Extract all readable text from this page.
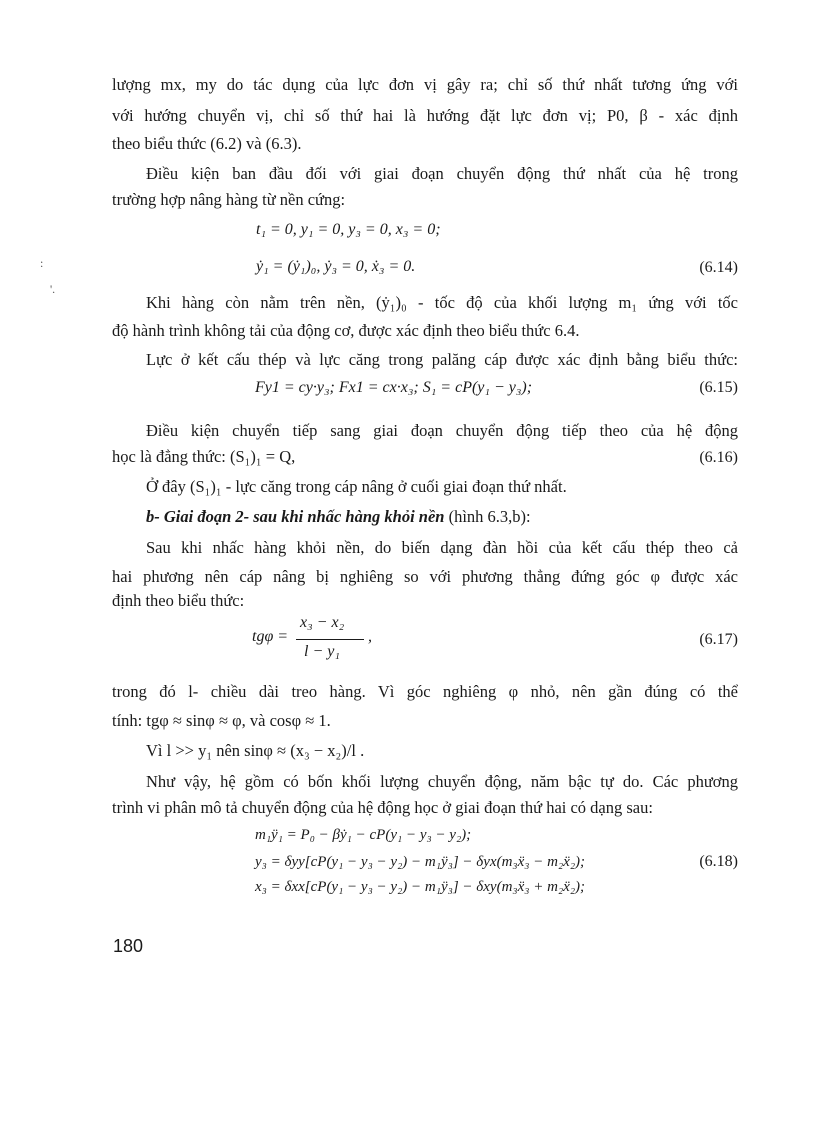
lượng mx, my do tác dụng của lực đơn vị gây ra; chỉ số thứ nhất tương ứng với
với hướng chuyển vị, chỉ số thứ hai là hướng đặt lực đơn vị; P0, β - xác định
theo biểu thức (6.2) và (6.3).
Điều kiện ban đầu đối với giai đoạn chuyển động thứ nhất của hệ trong
trường hợp nâng hàng từ nền cứng:
t₁ = 0, y₁ = 0, y₃ = 0, x₃ = 0;
ẏ₁ = (ẏ₁)₀, ẏ₃ = 0, ẋ₃ = 0.	(6.14)
Khi hàng còn nằm trên nền, (ẏ₁)₀ - tốc độ của khối lượng m₁ ứng với tốc
độ hành trình không tải của động cơ, được xác định theo biểu thức 6.4.
Lực ở kết cấu thép và lực căng trong palăng cáp được xác định bằng biểu thức:
Fy1 = cy·y₃; Fx1 = cx·x₃; S₁ = cP(y₁ − y₃);	(6.15)
Điều kiện chuyển tiếp sang giai đoạn chuyển động tiếp theo của hệ động
học là đẳng thức: (S₁)₁ = Q,	(6.16)
Ở đây (S₁)₁ - lực căng trong cáp nâng ở cuối giai đoạn thứ nhất.
b- Giai đoạn 2- sau khi nhấc hàng khỏi nền (hình 6.3,b):
Sau khi nhấc hàng khỏi nền, do biến dạng đàn hồi của kết cấu thép theo cả
hai phương nên cáp nâng bị nghiêng so với phương thẳng đứng góc φ được xác
định theo biểu thức:
tgφ =
x₃ − x₂
l − y₁
,	(6.17)
trong đó l- chiều dài treo hàng. Vì góc nghiêng φ nhỏ, nên gần đúng có thể
tính: tgφ ≈ sinφ ≈ φ, và cosφ ≈ 1.
Vì l >> y₁ nên sinφ ≈ (x₃ − x₂)/l .
Như vậy, hệ gồm có bốn khối lượng chuyển động, năm bậc tự do. Các phương
trình vi phân mô tả chuyển động của hệ động học ở giai đoạn thứ hai có dạng sau:
m₁ÿ₁ = P₀ − βẏ₁ − cP(y₁ − y₃ − y₂);
y₃ = δyy[cP(y₁ − y₃ − y₂) − m₁ÿ₃] − δyx(m₃ẍ₃ − m₂ẍ₂);	(6.18)
x₃ = δxx[cP(y₁ − y₃ − y₂) − m₁ÿ₃] − δxy(m₃ẍ₃ + m₂ẍ₂);
:
'.
180
